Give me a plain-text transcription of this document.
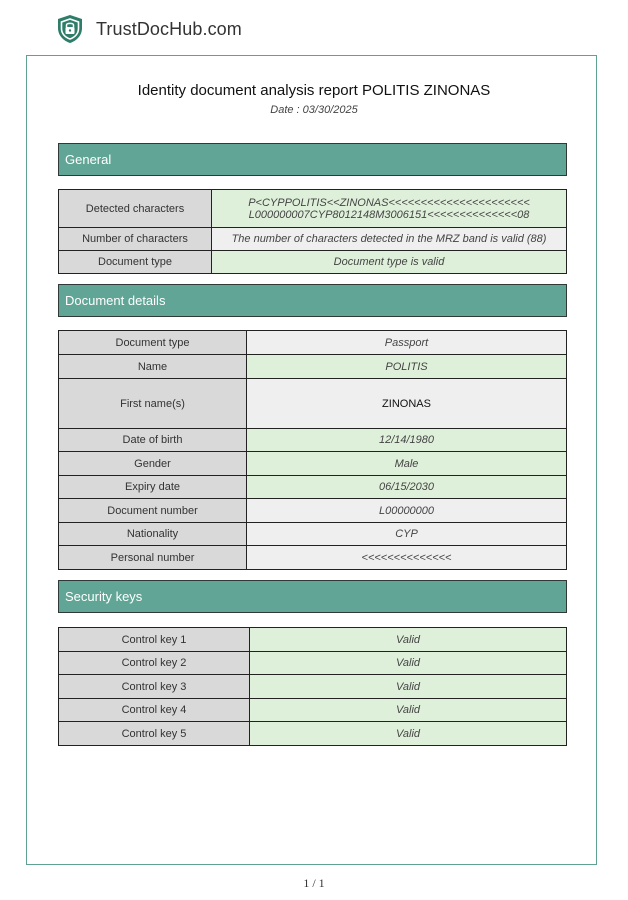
TrustDocHub.com
Identity document analysis report POLITIS ZINONAS
Date : 03/30/2025
General
Detected characters	P<CYPPOLITIS<<ZINONAS<<<<<<<<<<<<<<<<<<<<<<
L000000007CYP8012148M3006151<<<<<<<<<<<<<<08

Number of characters	The number of characters detected in the MRZ band is valid (88)
Document type	Document type is valid
Document details
Document type	Passport
Name	POLITIS
First name(s)	ZINONAS
Date of birth	12/14/1980
Gender	Male
Expiry date	06/15/2030
Document number	L00000000
Nationality	CYP
Personal number	<<<<<<<<<<<<<<
Security keys
Control key 1	Valid
Control key 2	Valid
Control key 3	Valid
Control key 4	Valid
Control key 5	Valid
1 / 1
